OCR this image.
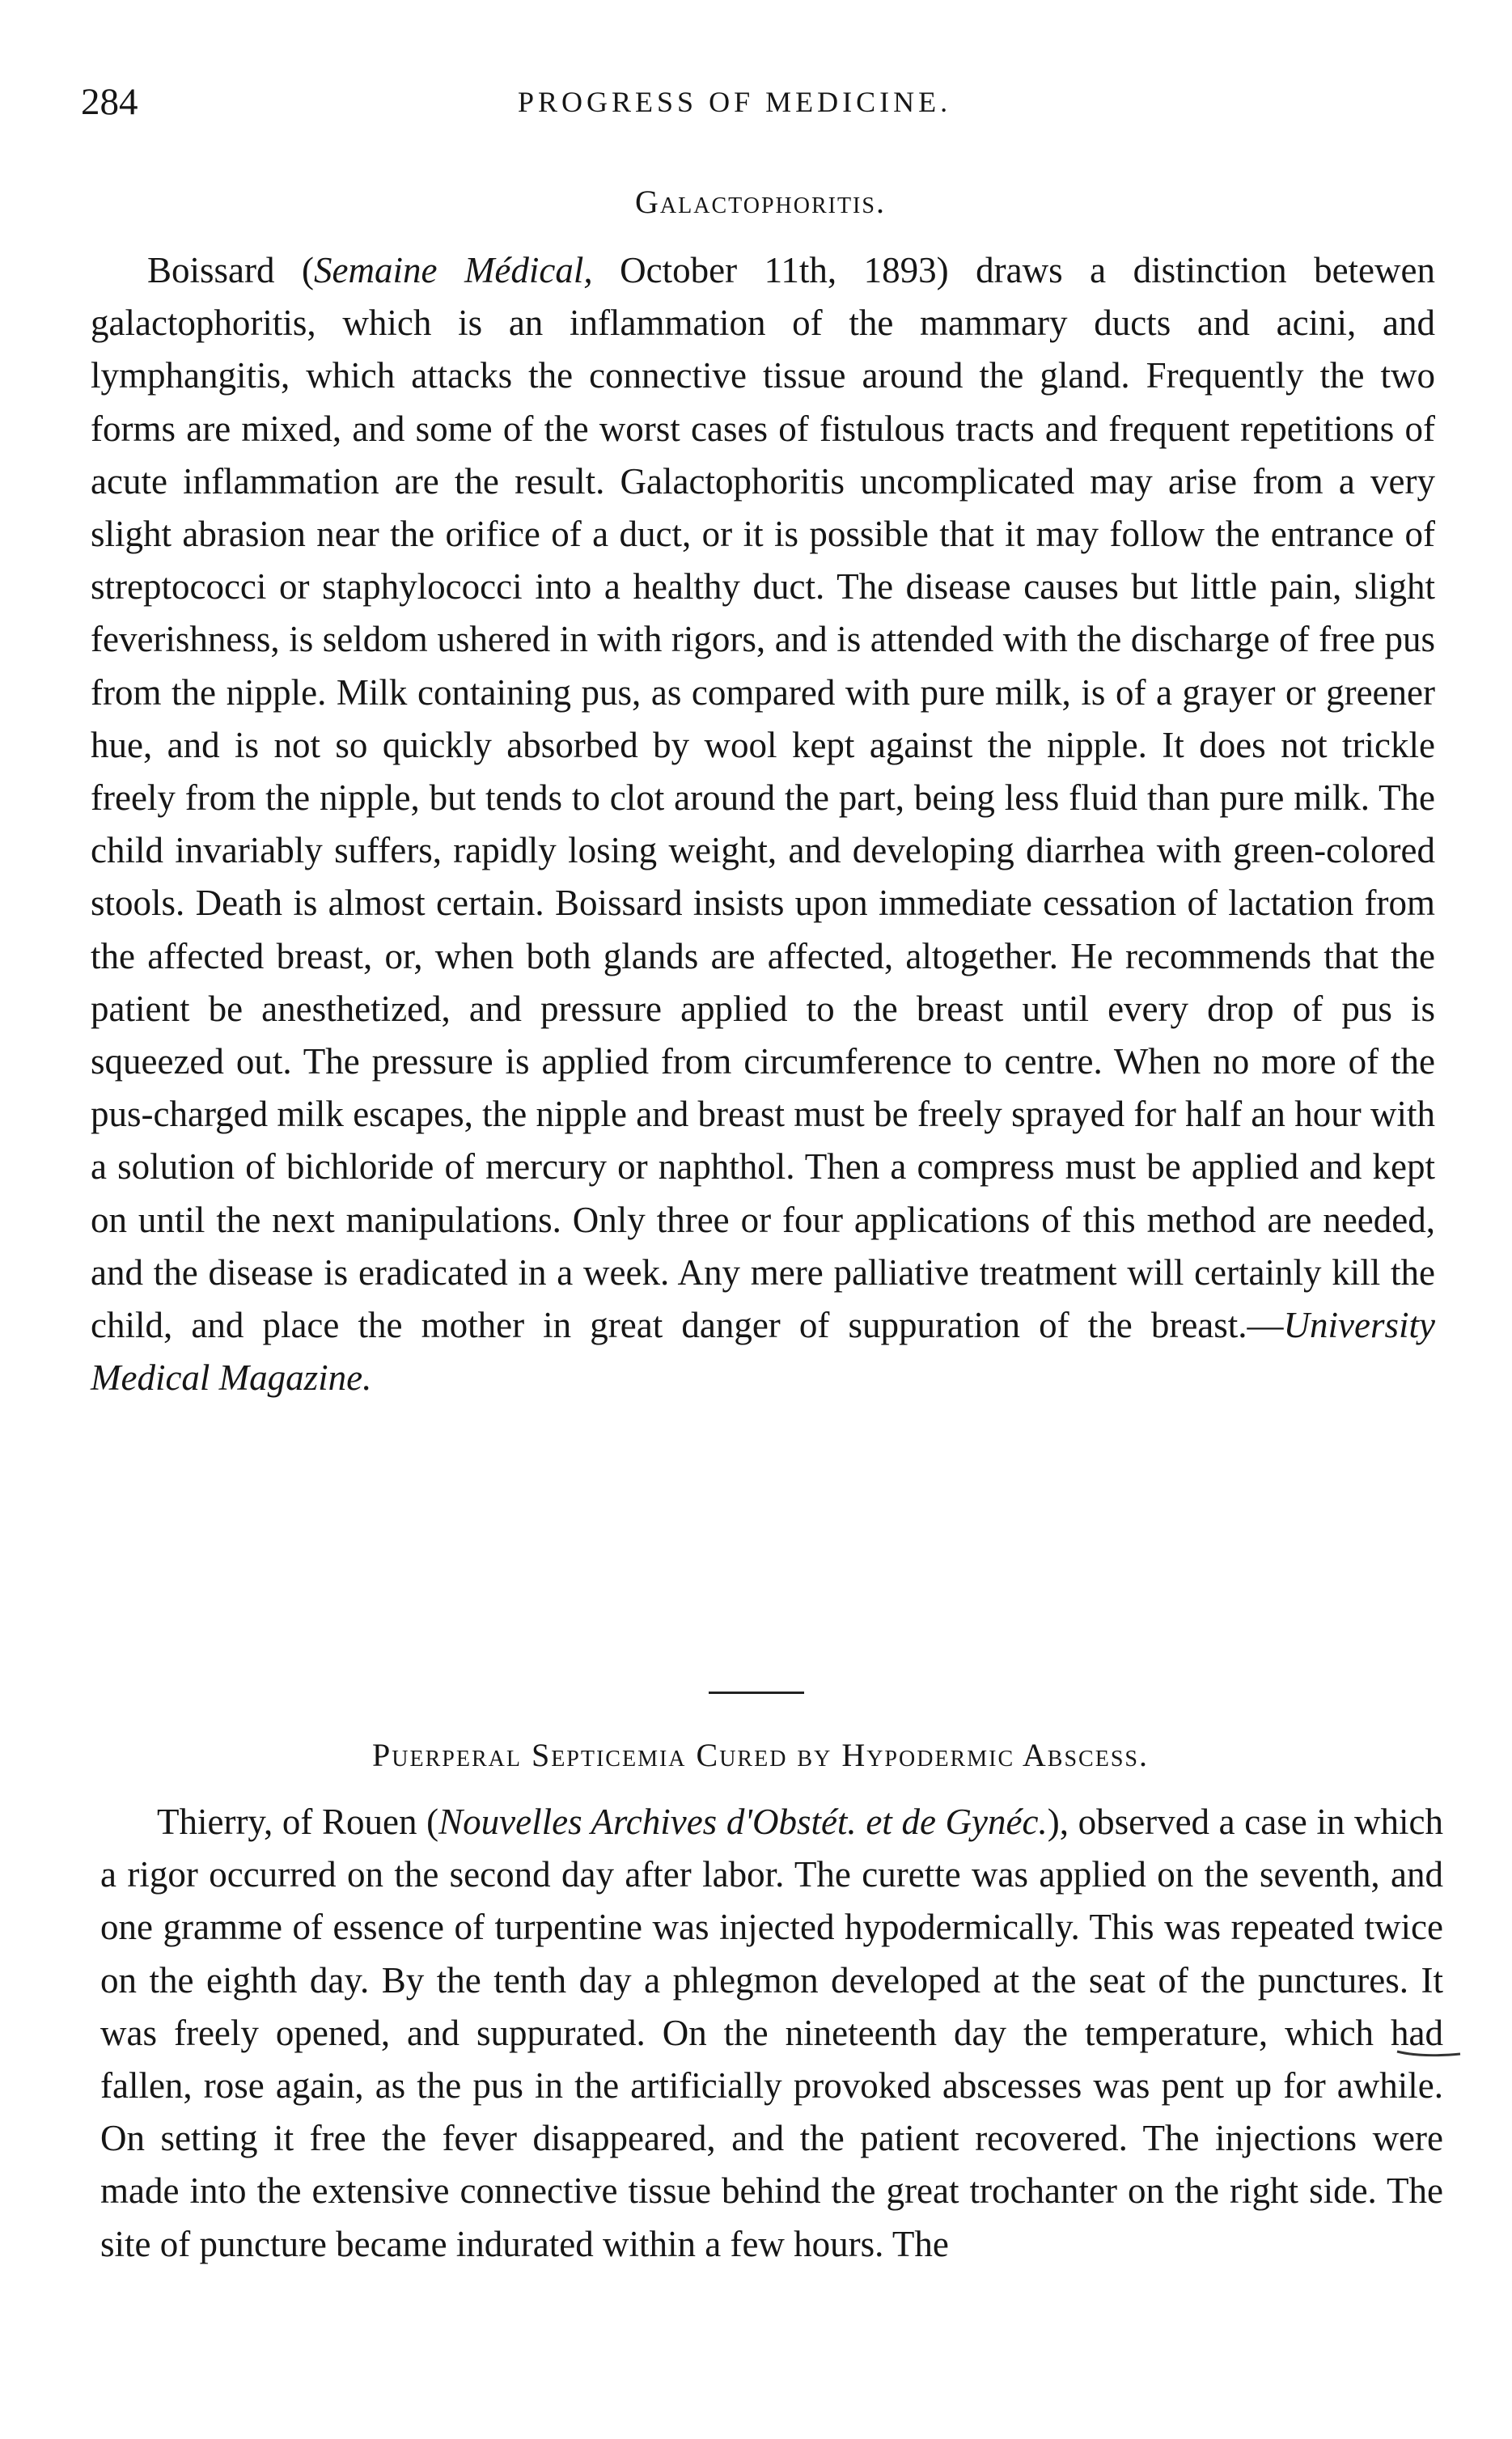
284	PROGRESS OF MEDICINE.
Galactophoritis.

Boissard (Semaine Médical, October 11th, 1893) draws a distinction betewen galactophoritis, which is an inflammation of the mammary ducts and acini, and lymphangitis, which attacks the connective tissue around the gland. Frequently the two forms are mixed, and some of the worst cases of fistulous tracts and frequent repetitions of acute inflammation are the result. Galactophoritis uncomplicated may arise from a very slight abrasion near the orifice of a duct, or it is possible that it may follow the entrance of streptococci or staphylococci into a healthy duct. The disease causes but little pain, slight feverishness, is seldom ushered in with rigors, and is attended with the discharge of free pus from the nipple. Milk containing pus, as compared with pure milk, is of a grayer or greener hue, and is not so quickly absorbed by wool kept against the nipple. It does not trickle freely from the nipple, but tends to clot around the part, being less fluid than pure milk. The child invariably suffers, rapidly losing weight, and developing diarrhea with green-colored stools. Death is almost certain. Boissard insists upon immediate cessation of lactation from the affected breast, or, when both glands are affected, altogether. He recommends that the patient be anesthetized, and pressure applied to the breast until every drop of pus is squeezed out. The pressure is applied from circumference to centre. When no more of the pus-charged milk escapes, the nipple and breast must be freely sprayed for half an hour with a solution of bichloride of mercury or naphthol. Then a compress must be applied and kept on until the next manipulations. Only three or four applications of this method are needed, and the disease is eradicated in a week. Any mere palliative treatment will certainly kill the child, and place the mother in great danger of suppuration of the breast.—University Medical Magazine.

Puerperal Septicemia Cured by Hypodermic Abscess.

Thierry, of Rouen (Nouvelles Archives d'Obstét. et de Gynéc.), observed a case in which a rigor occurred on the second day after labor. The curette was applied on the seventh, and one gramme of essence of turpentine was injected hypodermically. This was repeated twice on the eighth day. By the tenth day a phlegmon developed at the seat of the punctures. It was freely opened, and suppurated. On the nineteenth day the temperature, which had fallen, rose again, as the pus in the artificially provoked abscesses was pent up for awhile. On setting it free the fever disappeared, and the patient recovered. The injections were made into the extensive connective tissue behind the great trochanter on the right side. The site of puncture became indurated within a few hours. The
